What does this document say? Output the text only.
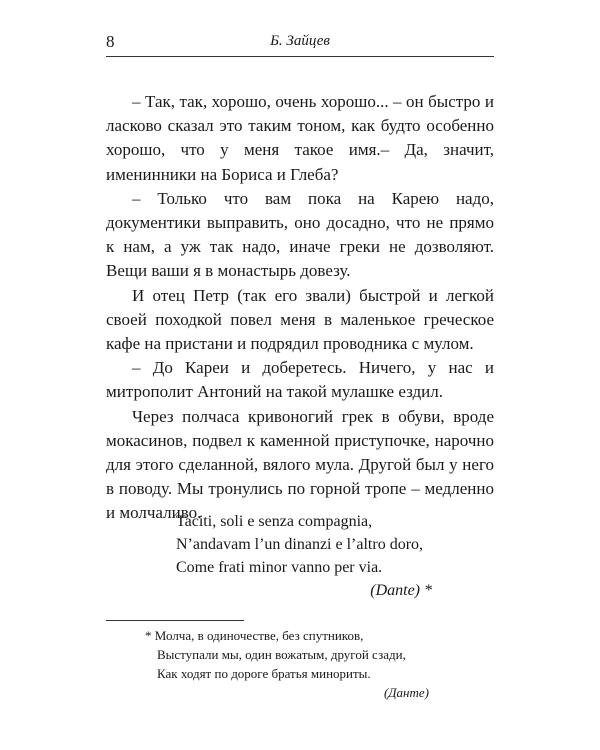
8	Б. Зайцев

– Так, так, хорошо, очень хорошо... – он быстро и ласково сказал это таким тоном, как будто особенно хорошо, что у меня такое имя.– Да, значит, именинники на Бориса и Глеба?

– Только что вам пока на Карею надо, документики выправить, оно досадно, что не прямо к нам, а уж так надо, иначе греки не дозволяют. Вещи ваши я в монастырь довезу.

И отец Петр (так его звали) быстрой и легкой своей походкой повел меня в маленькое греческое кафе на пристани и подрядил проводника с мулом.

– До Кареи и доберетесь. Ничего, у нас и митрополит Антоний на такой мулашке ездил.

Через полчаса кривоногий грек в обуви, вроде мокасинов, подвел к каменной приступочке, нарочно для этого сделанной, вялого мула. Другой был у него в поводу. Мы тронулись по горной тропе – медленно и молчаливо.

Taciti, soli e senza compagnia,
N’andavam l’un dinanzi e l’altro doro,
Come frati minor vanno per via.
(Dante) *
* Молча, в одиночестве, без спутников,
Выступали мы, один вожатым, другой сзади,
Как ходят по дороге братья минориты.
(Данте)
